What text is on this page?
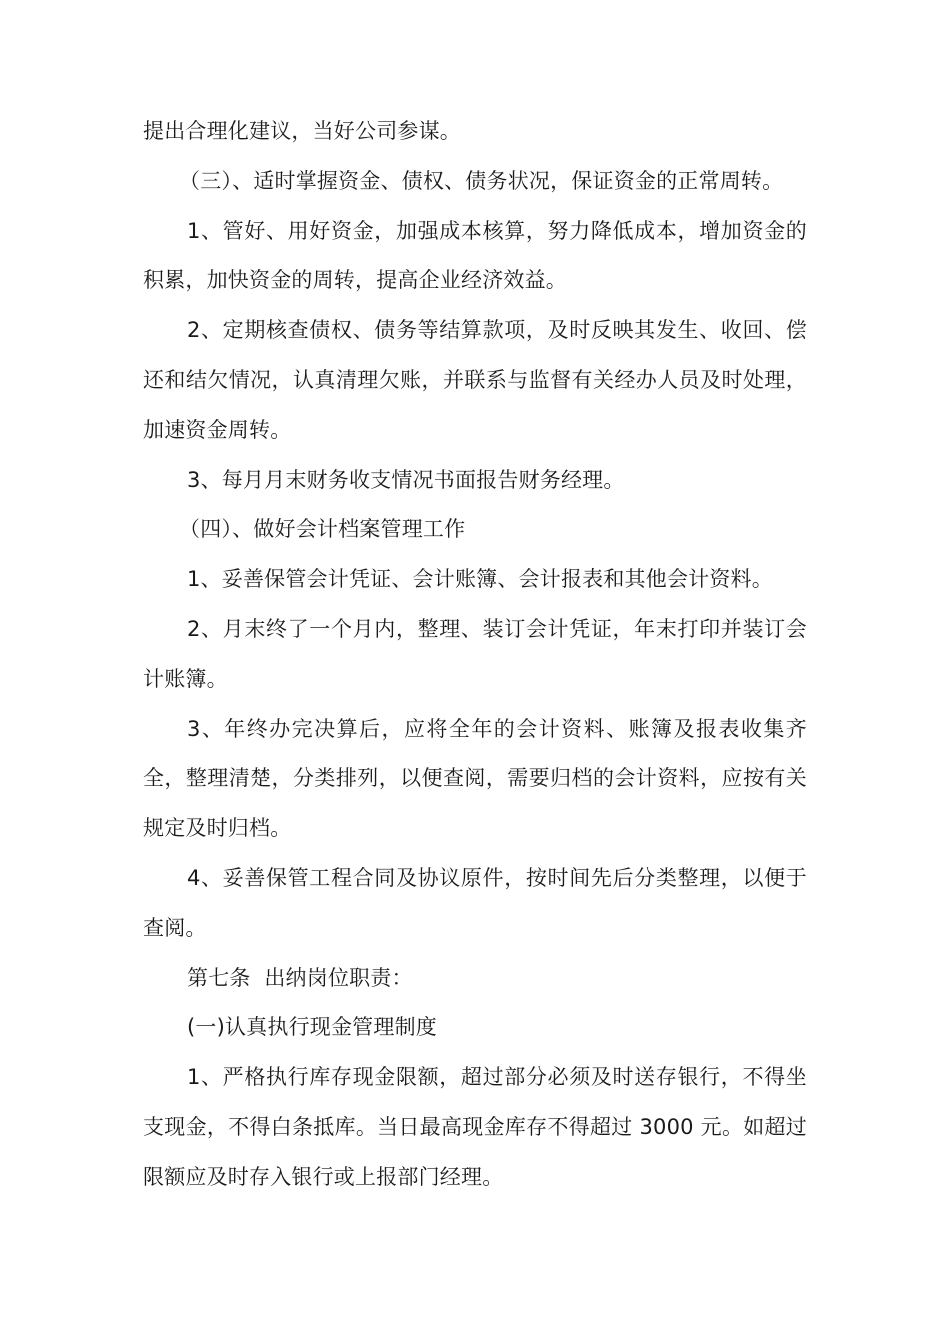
提出合理化建议，当好公司参谋。

（三）、适时掌握资金、债权、债务状况，保证资金的正常周转。

1、管好、用好资金，加强成本核算，努力降低成本，增加资金的积累，加快资金的周转，提高企业经济效益。

2、定期核查债权、债务等结算款项，及时反映其发生、收回、偿还和结欠情况，认真清理欠账，并联系与监督有关经办人员及时处理，加速资金周转。

3、每月月末财务收支情况书面报告财务经理。

（四）、做好会计档案管理工作

1、妥善保管会计凭证、会计账簿、会计报表和其他会计资料。

2、月末终了一个月内，整理、装订会计凭证，年末打印并装订会计账簿。

3、年终办完决算后，应将全年的会计资料、账簿及报表收集齐全，整理清楚，分类排列，以便查阅，需要归档的会计资料，应按有关规定及时归档。

4、妥善保管工程合同及协议原件，按时间先后分类整理，以便于查阅。

第七条  出纳岗位职责：

(一)认真执行现金管理制度

1、严格执行库存现金限额，超过部分必须及时送存银行，不得坐支现金，不得白条抵库。当日最高现金库存不得超过 3000 元。如超过限额应及时存入银行或上报部门经理。
